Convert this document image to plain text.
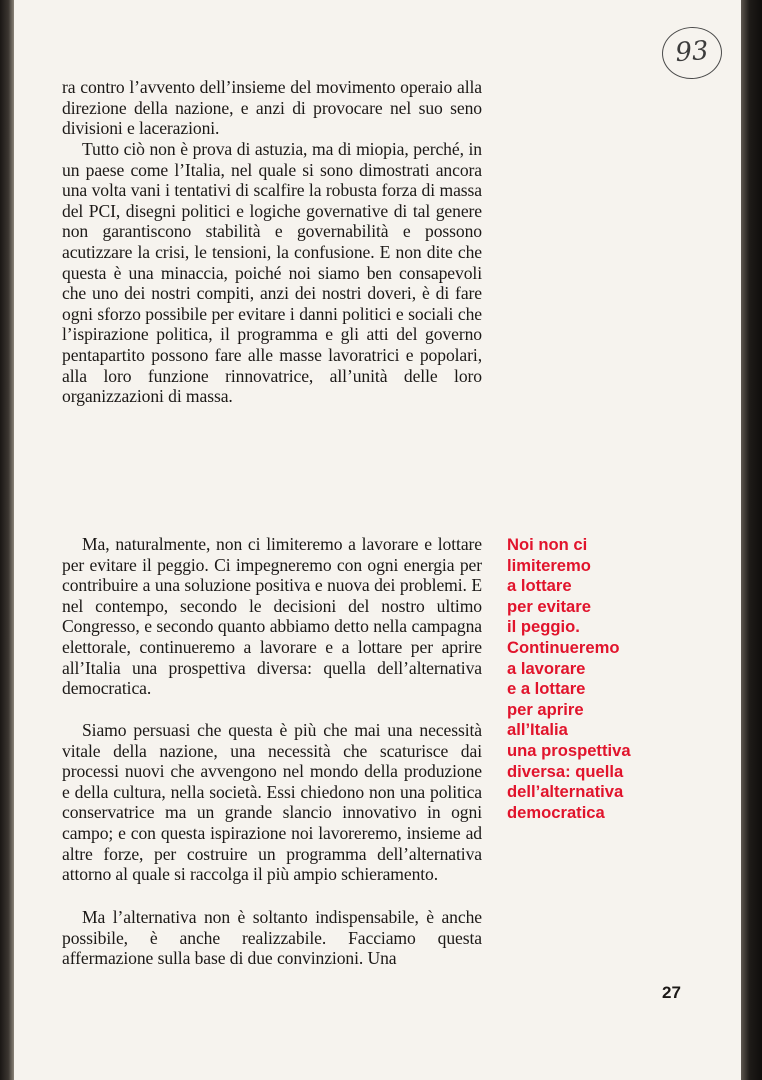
93

ra contro l’avvento dell’insieme del movimento operaio alla direzione della nazione, e anzi di provocare nel suo seno divisioni e lacerazioni.

Tutto ciò non è prova di astuzia, ma di miopia, perché, in un paese come l’Italia, nel quale si sono dimostrati ancora una volta vani i tentativi di scalfire la robusta forza di massa del PCI, disegni politici e logiche governative di tal genere non garantiscono stabilità e governabilità e possono acutizzare la crisi, le tensioni, la confusione. E non dite che questa è una minaccia, poiché noi siamo ben consapevoli che uno dei nostri compiti, anzi dei nostri doveri, è di fare ogni sforzo possibile per evitare i danni politici e sociali che l’ispirazione politica, il programma e gli atti del governo pentapartito possono fare alle masse lavoratrici e popolari, alla loro funzione rinnovatrice, all’unità delle loro organizzazioni di massa.

Ma, naturalmente, non ci limiteremo a lavorare e lottare per evitare il peggio. Ci impegneremo con ogni energia per contribuire a una soluzione positiva e nuova dei problemi. E nel contempo, secondo le decisioni del nostro ultimo Congresso, e secondo quanto abbiamo detto nella campagna elettorale, continueremo a lavorare e a lottare per aprire all’Italia una prospettiva diversa: quella dell’alternativa democratica.

Siamo persuasi che questa è più che mai una necessità vitale della nazione, una necessità che scaturisce dai processi nuovi che avvengono nel mondo della produzione e della cultura, nella società. Essi chiedono non una politica conservatrice ma un grande slancio innovativo in ogni campo; e con questa ispirazione noi lavoreremo, insieme ad altre forze, per costruire un programma dell’alternativa attorno al quale si raccolga il più ampio schieramento.

Ma l’alternativa non è soltanto indispensabile, è anche possibile, è anche realizzabile. Facciamo questa affermazione sulla base di due convinzioni. Una

Noi non ci
limiteremo
a lottare
per evitare
il peggio.
Continueremo
a lavorare
e a lottare
per aprire
all’Italia
una prospettiva
diversa: quella
dell’alternativa
democratica

27
